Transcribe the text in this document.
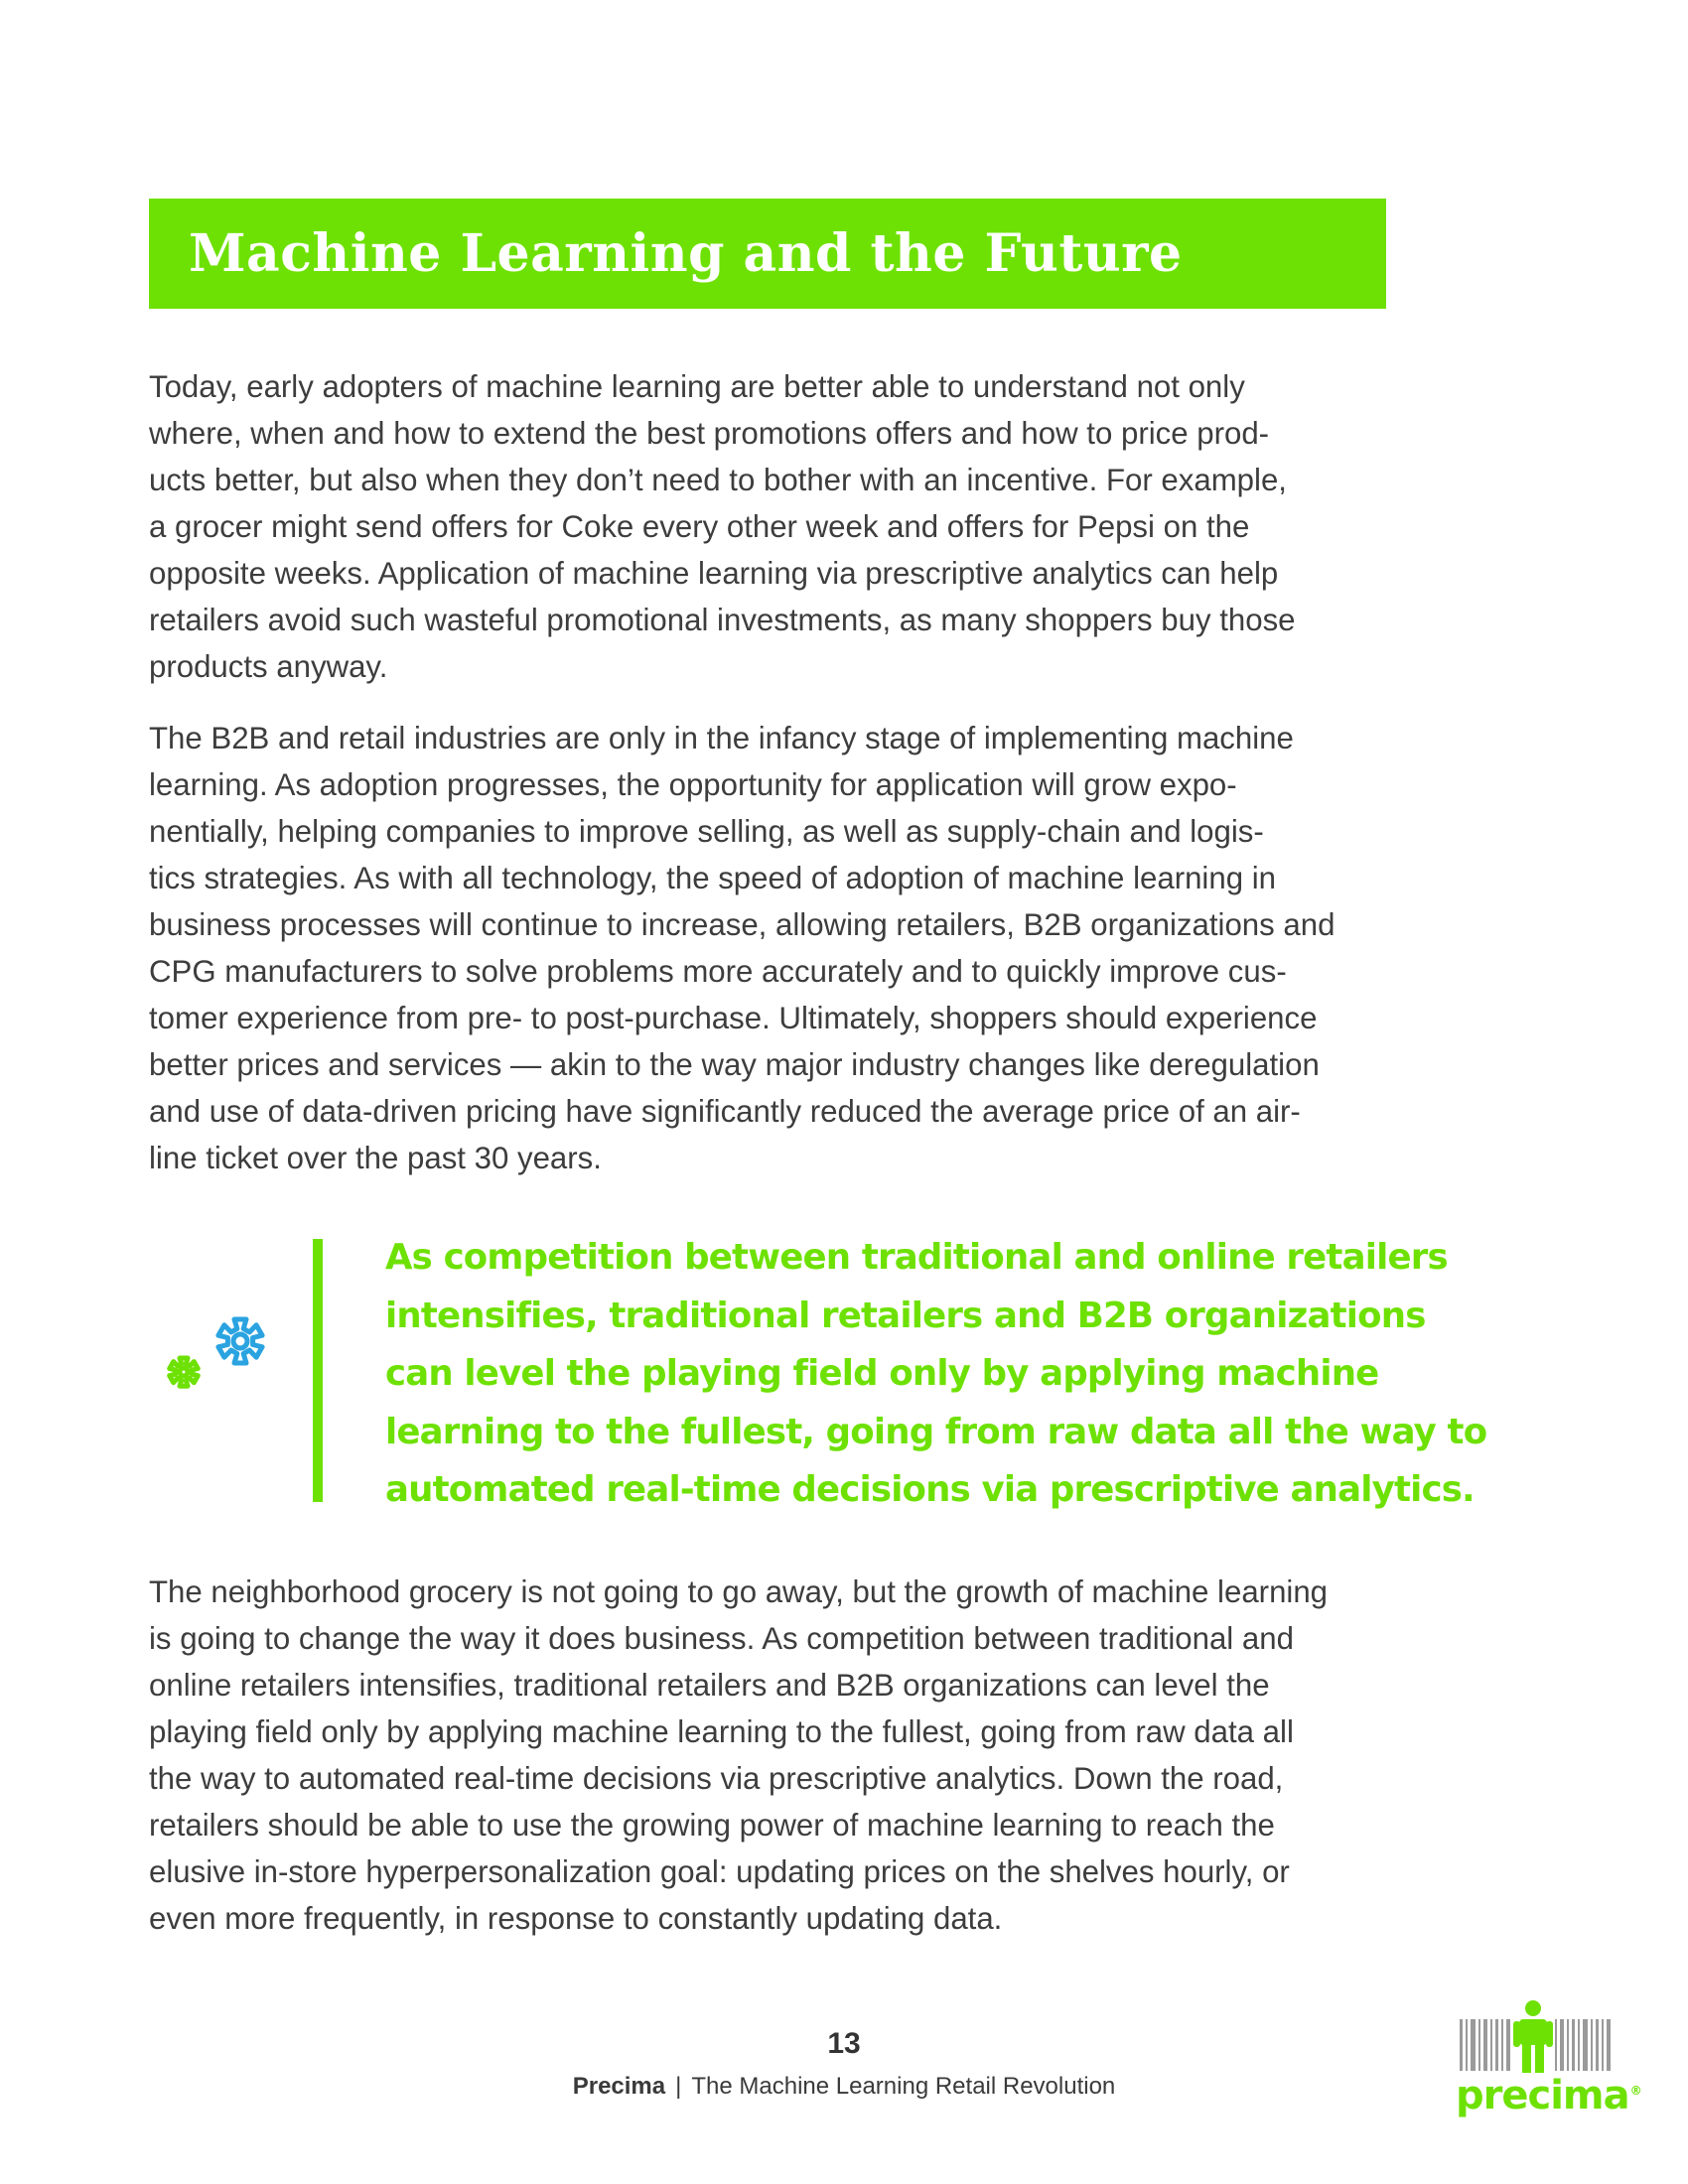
Machine Learning and the Future

Today, early adopters of machine learning are better able to understand not only
where, when and how to extend the best promotions offers and how to price prod-
ucts better, but also when they don’t need to bother with an incentive. For example,
a grocer might send offers for Coke every other week and offers for Pepsi on the
opposite weeks. Application of machine learning via prescriptive analytics can help
retailers avoid such wasteful promotional investments, as many shoppers buy those
products anyway.

The B2B and retail industries are only in the infancy stage of implementing machine
learning. As adoption progresses, the opportunity for application will grow expo-
nentially, helping companies to improve selling, as well as supply-chain and logis-
tics strategies. As with all technology, the speed of adoption of machine learning in
business processes will continue to increase, allowing retailers, B2B organizations and
CPG manufacturers to solve problems more accurately and to quickly improve cus-
tomer experience from pre- to post-purchase. Ultimately, shoppers should experience
better prices and services — akin to the way major industry changes like deregulation
and use of data-driven pricing have significantly reduced the average price of an air-
line ticket over the past 30 years.

As competition between traditional and online retailers
intensifies, traditional retailers and B2B organizations
can level the playing field only by applying machine
learning to the fullest, going from raw data all the way to
automated real-time decisions via prescriptive analytics.

The neighborhood grocery is not going to go away, but the growth of machine learning
is going to change the way it does business. As competition between traditional and
online retailers intensifies, traditional retailers and B2B organizations can level the
playing field only by applying machine learning to the fullest, going from raw data all
the way to automated real-time decisions via prescriptive analytics. Down the road,
retailers should be able to use the growing power of machine learning to reach the
elusive in-store hyperpersonalization goal: updating prices on the shelves hourly, or
even more frequently, in response to constantly updating data.

13
Precima | The Machine Learning Retail Revolution	precima®
